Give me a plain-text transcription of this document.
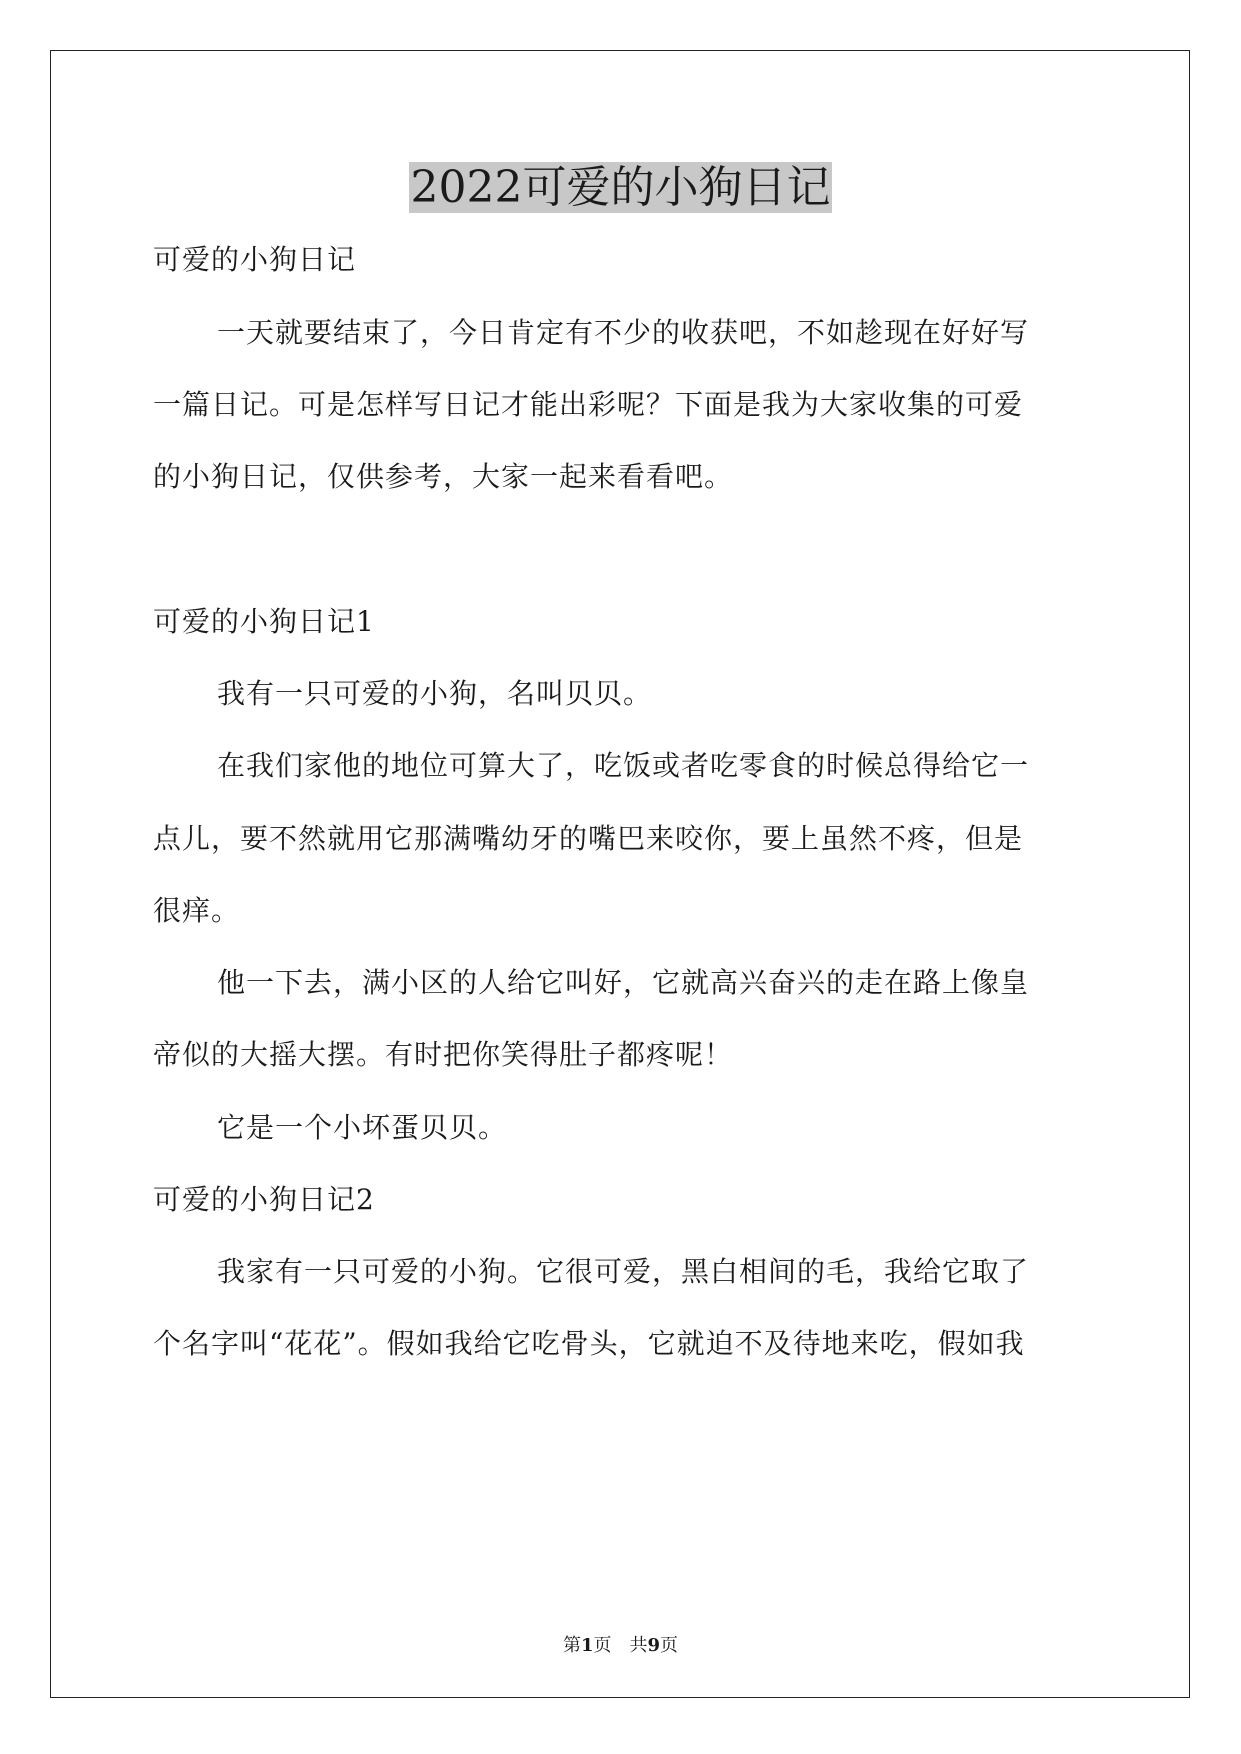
2022可爱的小狗日记
可爱的小狗日记
一天就要结束了，今日肯定有不少的收获吧，不如趁现在好好写
一篇日记。可是怎样写日记才能出彩呢？下面是我为大家收集的可爱
的小狗日记，仅供参考，大家一起来看看吧。
可爱的小狗日记1
我有一只可爱的小狗，名叫贝贝。
在我们家他的地位可算大了，吃饭或者吃零食的时候总得给它一
点儿，要不然就用它那满嘴幼牙的嘴巴来咬你，要上虽然不疼，但是
很痒。
他一下去，满小区的人给它叫好，它就高兴奋兴的走在路上像皇
帝似的大摇大摆。有时把你笑得肚子都疼呢！
它是一个小坏蛋贝贝。
可爱的小狗日记2
我家有一只可爱的小狗。它很可爱，黑白相间的毛，我给它取了
个名字叫“花花”。假如我给它吃骨头，它就迫不及待地来吃，假如我
第1页　共9页
